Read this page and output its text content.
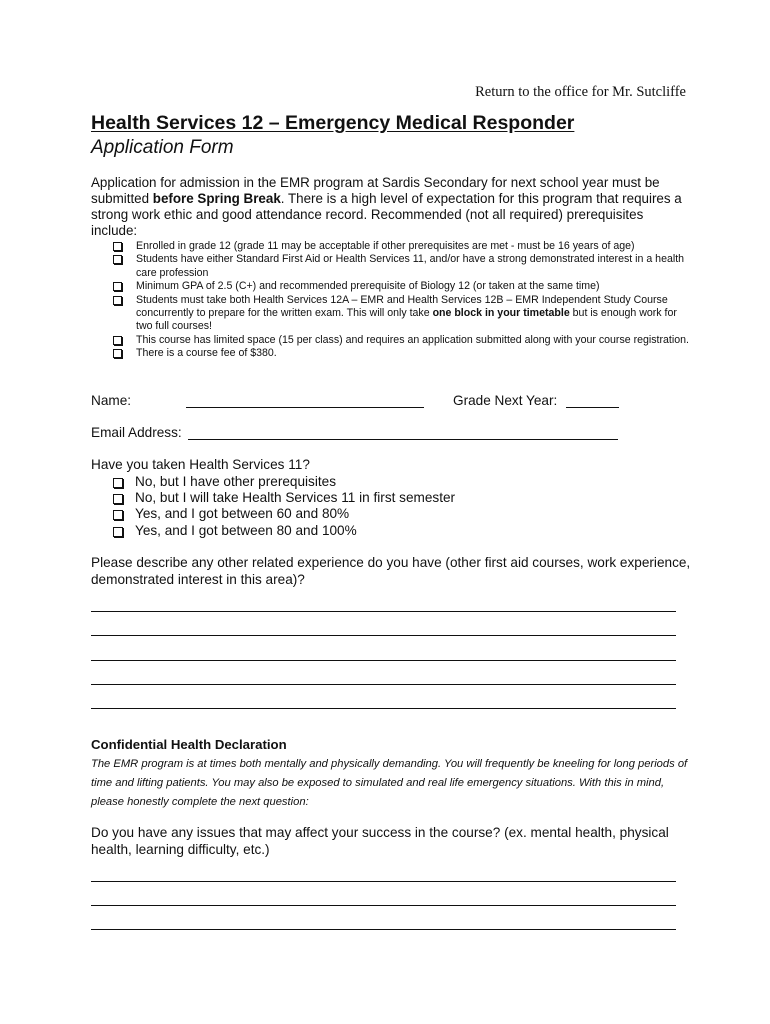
Return to the office for Mr. Sutcliffe
Health Services 12 – Emergency Medical Responder
Application Form
Application for admission in the EMR program at Sardis Secondary for next school year must be submitted before Spring Break. There is a high level of expectation for this program that requires a strong work ethic and good attendance record. Recommended (not all required) prerequisites include:
Enrolled in grade 12 (grade 11 may be acceptable if other prerequisites are met - must be 16 years of age)
Students have either Standard First Aid or Health Services 11, and/or have a strong demonstrated interest in a health care profession
Minimum GPA of 2.5 (C+) and recommended prerequisite of Biology 12 (or taken at the same time)
Students must take both Health Services 12A – EMR and Health Services 12B – EMR Independent Study Course concurrently to prepare for the written exam. This will only take one block in your timetable but is enough work for two full courses!
This course has limited space (15 per class) and requires an application submitted along with your course registration.
There is a course fee of $380.
Name:	Grade Next Year:
Email Address:
Have you taken Health Services 11?
No, but I have other prerequisites
No, but I will take Health Services 11 in first semester
Yes, and I got between 60 and 80%
Yes, and I got between 80 and 100%
Please describe any other related experience do you have (other first aid courses, work experience, demonstrated interest in this area)?
Confidential Health Declaration
The EMR program is at times both mentally and physically demanding. You will frequently be kneeling for long periods of time and lifting patients. You may also be exposed to simulated and real life emergency situations. With this in mind, please honestly complete the next question:
Do you have any issues that may affect your success in the course? (ex. mental health, physical health, learning difficulty, etc.)
